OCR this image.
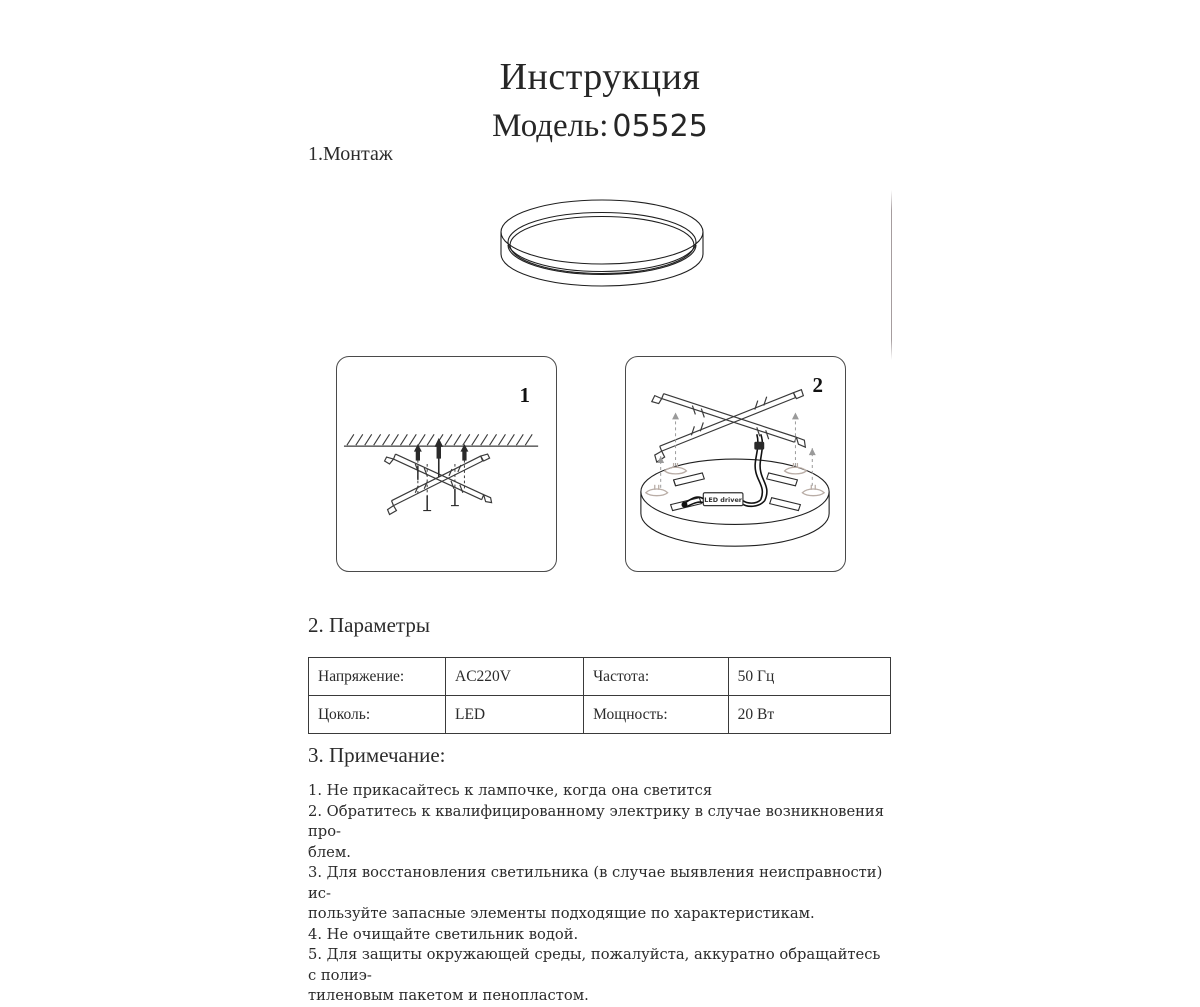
Инструкция
Модель: 05525
1.Монтаж
1	2
LED driver
2. Параметры
Напряжение:	AC220V	Частота:	50 Гц
Цоколь:	LED	Мощность:	20 Вт
3. Примечание:

1. Не прикасайтесь к лампочке, когда она светится

2. Обратитесь к квалифицированному электрику в случае возникновения про-

блем.

3. Для восстановления светильника (в случае выявления неисправности) ис-

пользуйте запасные элементы подходящие по характеристикам.

4. Не очищайте светильник водой.

5. Для защиты окружающей среды, пожалуйста, аккуратно обращайтесь с полиэ-

тиленовым пакетом и пенопластом.
